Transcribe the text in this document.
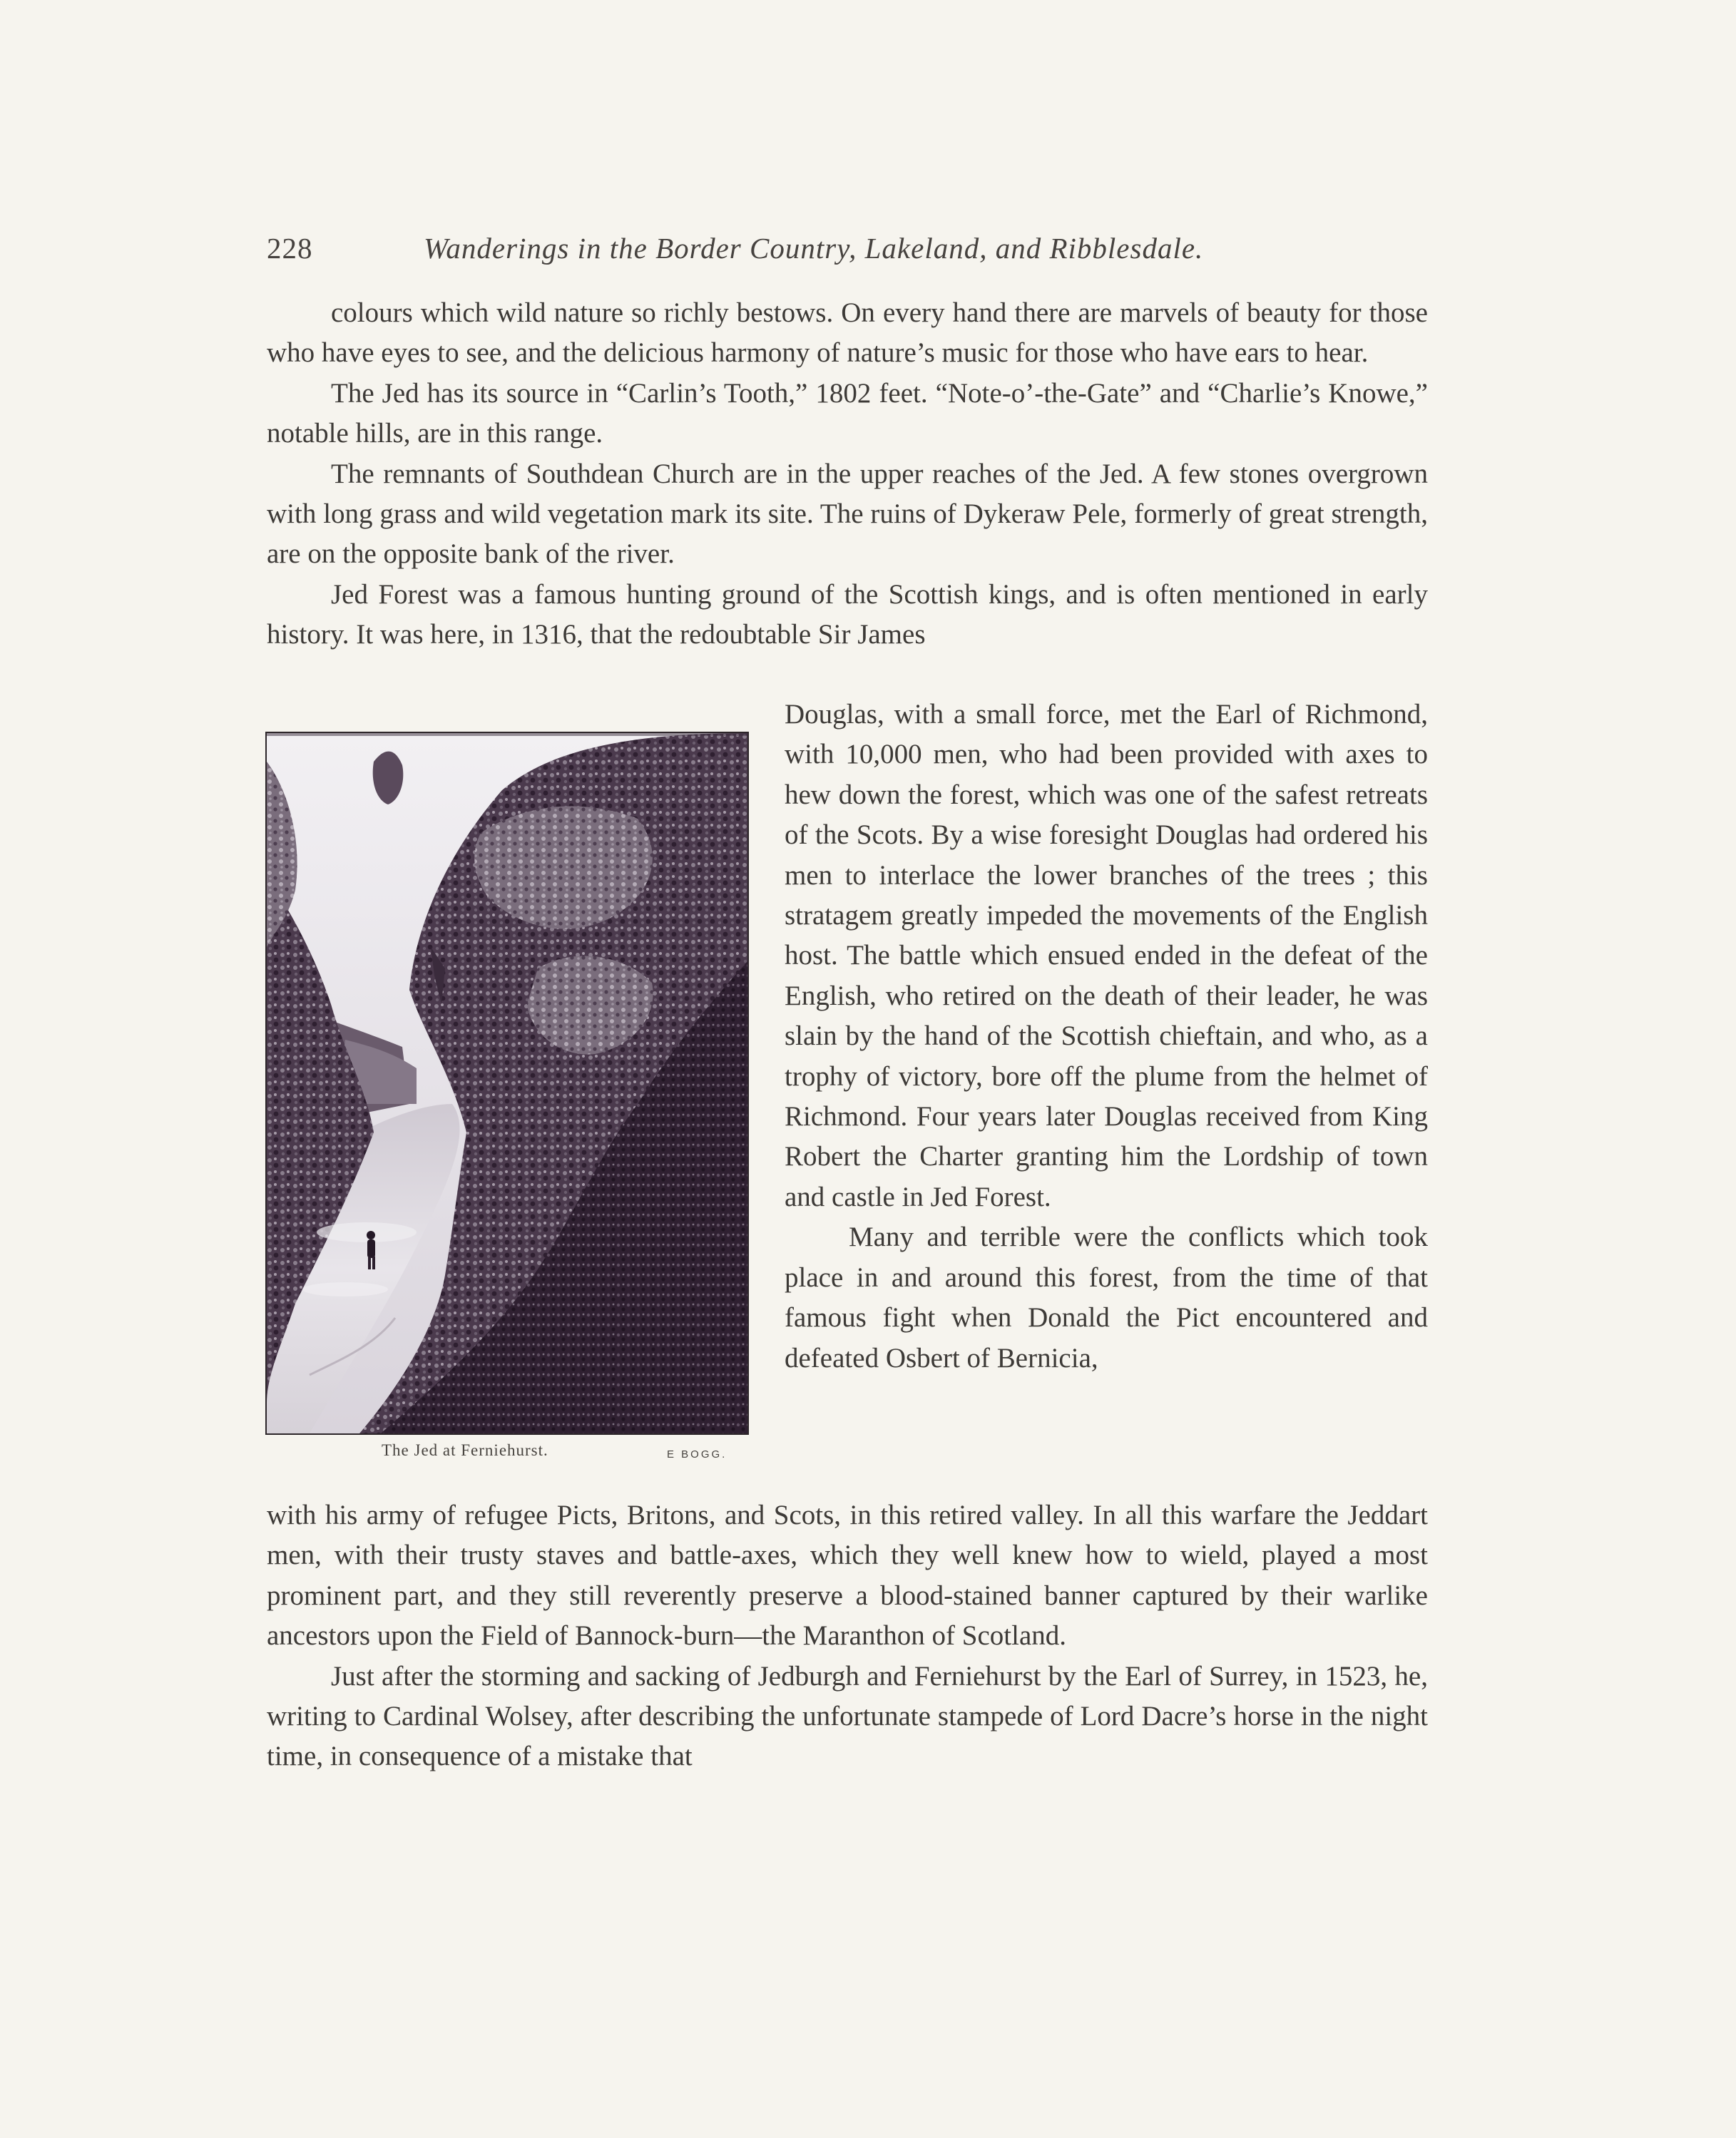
228	Wanderings in the Border Country, Lakeland, and Ribblesdale.

colours which wild nature so richly bestows. On every hand there are marvels of beauty for those who have eyes to see, and the delicious harmony of nature’s music for those who have ears to hear.

The Jed has its source in “Carlin’s Tooth,” 1802 feet. “Note-o’-the-Gate” and “Charlie’s Knowe,” notable hills, are in this range.

The remnants of Southdean Church are in the upper reaches of the Jed. A few stones overgrown with long grass and wild vegetation mark its site. The ruins of Dykeraw Pele, formerly of great strength, are on the opposite bank of the river.

Jed Forest was a famous hunting ground of the Scottish kings, and is often mentioned in early history. It was here, in 1316, that the redoubtable Sir James

The Jed at Ferniehurst.	E BOGG.

Douglas, with a small force, met the Earl of Richmond, with 10,000 men, who had been provided with axes to hew down the forest, which was one of the safest retreats of the Scots. By a wise foresight Douglas had ordered his men to interlace the lower branches of the trees ; this stratagem greatly impeded the movements of the English host. The battle which ensued ended in the defeat of the English, who retired on the death of their leader, he was slain by the hand of the Scottish chieftain, and who, as a trophy of victory, bore off the plume from the helmet of Richmond. Four years later Douglas received from King Robert the Charter granting him the Lordship of town and castle in Jed Forest.

Many and terrible were the conflicts which took place in and around this forest, from the time of that famous fight when Donald the Pict encountered and defeated Osbert of Bernicia,

with his army of refugee Picts, Britons, and Scots, in this retired valley. In all this warfare the Jeddart men, with their trusty staves and battle-axes, which they well knew how to wield, played a most prominent part, and they still reverently preserve a blood-stained banner captured by their warlike ancestors upon the Field of Bannock-burn—the Maranthon of Scotland.

Just after the storming and sacking of Jedburgh and Ferniehurst by the Earl of Surrey, in 1523, he, writing to Cardinal Wolsey, after describing the unfortunate stampede of Lord Dacre’s horse in the night time, in consequence of a mistake that
